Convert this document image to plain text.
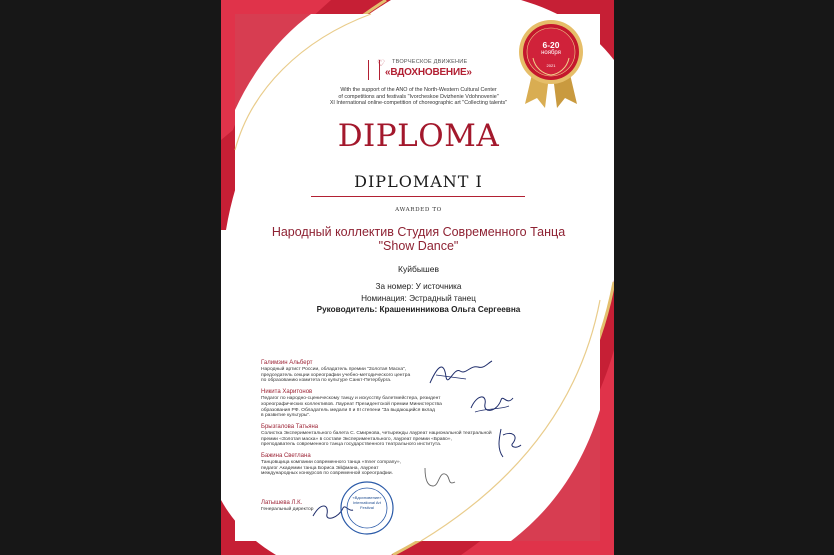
6-20
ноября
2021
♡ ТВОРЧЕСКОЕ ДВИЖЕНИЕ
«ВДОХНОВЕНИЕ»
With the support of the ANO of the North-Western Cultural Center
of competitions and festivals "Ivorcheskoe Dvizhenie Vdohnovenie"
XI International online-competition of choreographic art "Collecting talents"
DIPLOMA
DIPLOMANT I
AWARDED TO
Народный коллектив Студия Современного Танца
"Show Dance"
Куйбышев
За номер: У источника
Номинация: Эстрадный танец
Руководитель: Крашенинникова Ольга Сергеевна
Галимзин Альберт
Народный артист России, обладатель премии "Золотая Маска",
председатель секции хореографии учебно-методического центра
по образованию комитета по культуре Санкт-Петербурга.
Никита Харитонов
Педагог по народно-сценическому танцу и искусству балетмейстера, резидент
хореографических коллективов. Лауреат Президентской премии Министерства
образования РФ. Обладатель медали II и III степени "За выдающийся вклад
в развитие культуры".
Брызгалова Татьяна
Солистка Экспериментального балета С. Смирнова, четырежды лауреат национальной театральной
премии «Золотая маска» в составе Экспериментального, лауреат премии «Браво»,
преподаватель современного танца государственного театрального института.
Бажина Светлана
Танцовщица компании современного танца «Inner company»,
педагог Академии танца Бориса Эйфмана, лауреат
международных конкурсов по современной хореографии.
Латышева Л.К.
Генеральный директор
«Вдохновение» International Art Festival
